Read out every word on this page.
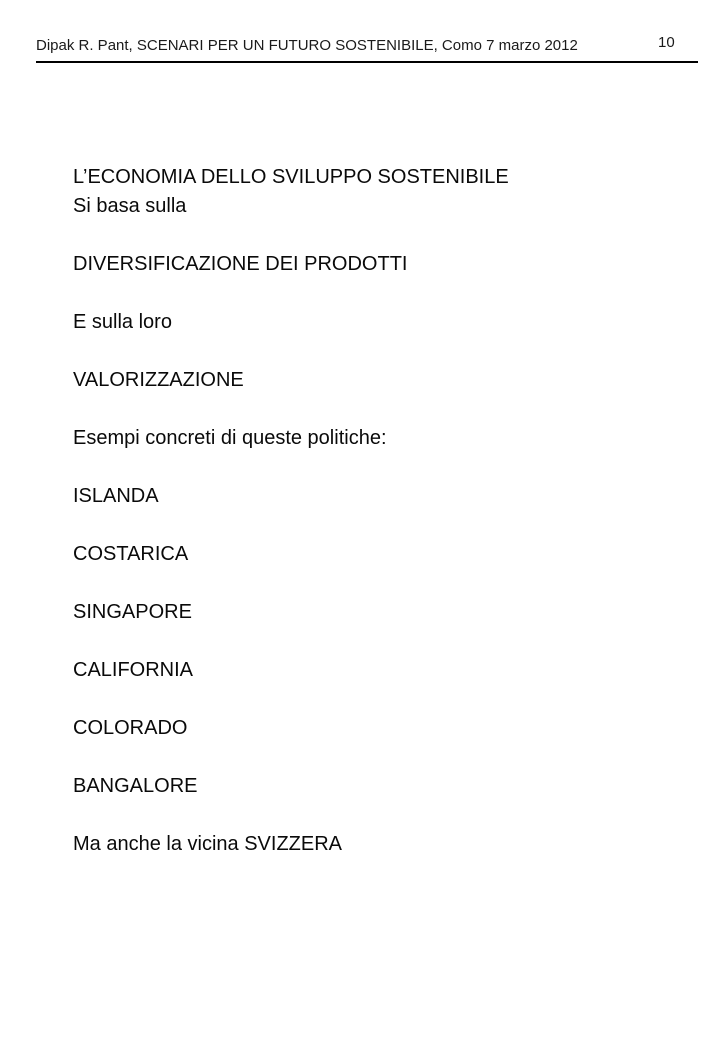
Dipak R. Pant, SCENARI PER UN FUTURO SOSTENIBILE, Como 7 marzo 2012	10

L’ECONOMIA DELLO SVILUPPO SOSTENIBILE

Si basa sulla

DIVERSIFICAZIONE DEI PRODOTTI

E sulla loro

VALORIZZAZIONE

Esempi concreti di queste politiche:

ISLANDA

COSTARICA

SINGAPORE

CALIFORNIA

COLORADO

BANGALORE

Ma anche la vicina SVIZZERA
